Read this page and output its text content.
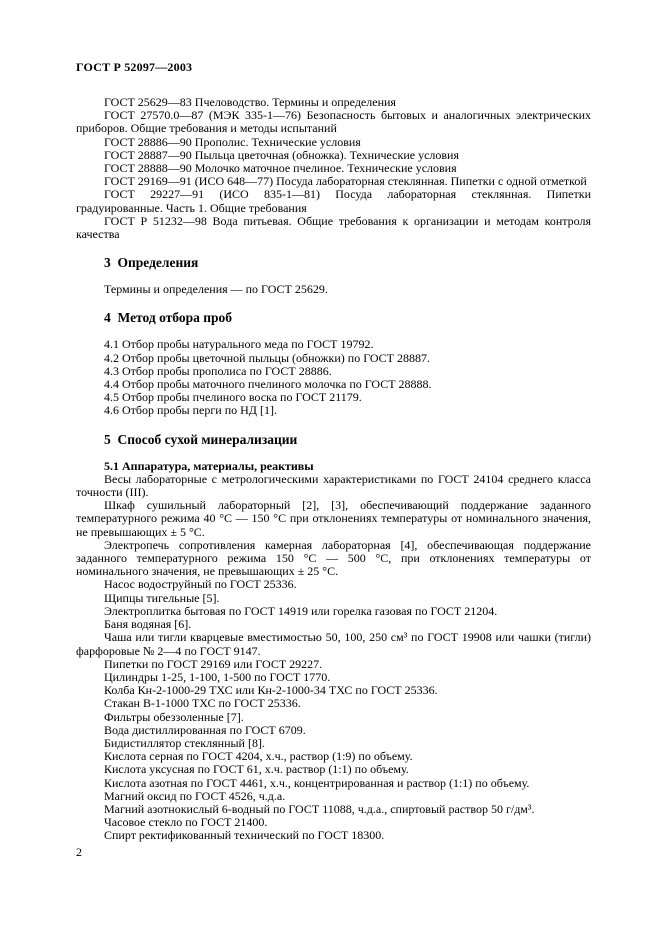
ГОСТ Р 52097—2003

ГОСТ 25629—83 Пчеловодство. Термины и определения

ГОСТ 27570.0—87 (МЭК 335-1—76) Безопасность бытовых и аналогичных электрических приборов. Общие требования и методы испытаний

ГОСТ 28886—90 Прополис. Технические условия

ГОСТ 28887—90 Пыльца цветочная (обножка). Технические условия

ГОСТ 28888—90 Молочко маточное пчелиное. Технические условия

ГОСТ 29169—91 (ИСО 648—77) Посуда лабораторная стеклянная. Пипетки с одной отметкой

ГОСТ 29227—91 (ИСО 835-1—81) Посуда лабораторная стеклянная. Пипетки градуированные. Часть 1. Общие требования

ГОСТ Р 51232—98 Вода питьевая. Общие требования к организации и методам контроля качества

3  Определения

Термины и определения — по ГОСТ 25629.

4  Метод отбора проб

4.1 Отбор пробы натурального меда по ГОСТ 19792.

4.2 Отбор пробы цветочной пыльцы (обножки) по ГОСТ 28887.

4.3 Отбор пробы прополиса по ГОСТ 28886.

4.4 Отбор пробы маточного пчелиного молочка по ГОСТ 28888.

4.5 Отбор пробы пчелиного воска по ГОСТ 21179.

4.6 Отбор пробы перги по НД [1].

5  Способ сухой минерализации
5.1 Аппаратура, материалы, реактивы

Весы лабораторные с метрологическими характеристиками по ГОСТ 24104 среднего класса точности (III).

Шкаф сушильный лабораторный [2], [3], обеспечивающий поддержание заданного температурного режима 40 °С — 150 °С при отклонениях температуры от номинального значения, не превышающих ± 5 °С.

Электропечь сопротивления камерная лабораторная [4], обеспечивающая поддержание заданного температурного режима 150 °С — 500 °С, при отклонениях температуры от номинального значения, не превышающих ± 25 °С.

Насос водоструйный по ГОСТ 25336.

Щипцы тигельные [5].

Электроплитка бытовая по ГОСТ 14919 или горелка газовая по ГОСТ 21204.

Баня водяная [6].

Чаша или тигли кварцевые вместимостью 50, 100, 250 см³ по ГОСТ 19908 или чашки (тигли) фарфоровые № 2—4 по ГОСТ 9147.

Пипетки по ГОСТ 29169 или ГОСТ 29227.

Цилиндры 1-25, 1-100, 1-500 по ГОСТ 1770.

Колба Кн-2-1000-29 ТХС или Кн-2-1000-34 ТХС по ГОСТ 25336.

Стакан В-1-1000 ТХС по ГОСТ 25336.

Фильтры обеззоленные [7].

Вода дистиллированная по ГОСТ 6709.

Бидистиллятор стеклянный [8].

Кислота серная по ГОСТ 4204, х.ч., раствор (1:9) по объему.

Кислота уксусная по ГОСТ 61, х.ч. раствор (1:1) по объему.

Кислота азотная по ГОСТ 4461, х.ч., концентрированная и раствор (1:1) по объему.

Магний оксид по ГОСТ 4526, ч.д.а.

Магний азотнокислый 6-водный по ГОСТ 11088, ч.д.а., спиртовый раствор 50 г/дм³.

Часовое стекло по ГОСТ 21400.

Спирт ректификованный технический по ГОСТ 18300.

2
